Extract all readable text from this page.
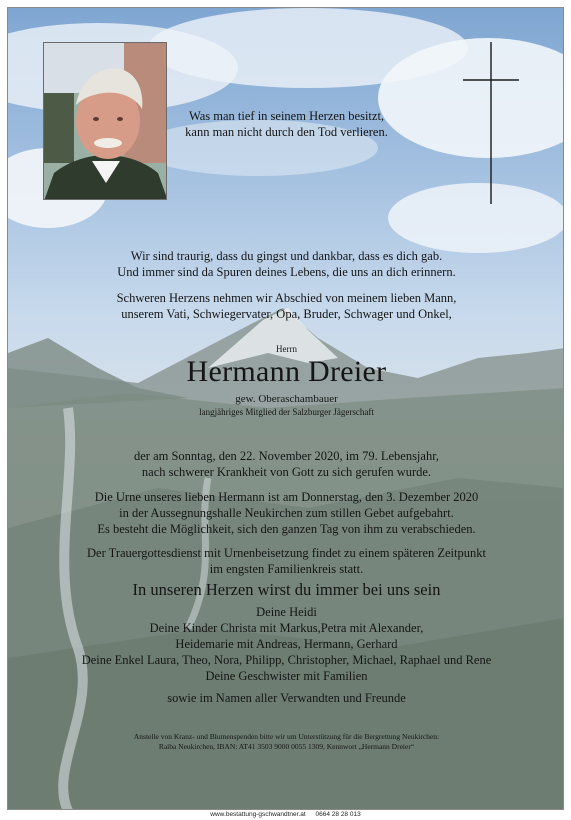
Was man tief in seinem Herzen besitzt,
kann man nicht durch den Tod verlieren.
Wir sind traurig, dass du gingst und dankbar, dass es dich gab.
Und immer sind da Spuren deines Lebens, die uns an dich erinnern.
Schweren Herzens nehmen wir Abschied von meinem lieben Mann,
unserem Vati, Schwiegervater, Opa, Bruder, Schwager und Onkel,
Herrn
Hermann Dreier
gew. Oberaschambauer
langjähriges Mitglied der Salzburger Jägerschaft
der am Sonntag, den 22. November 2020, im 79. Lebensjahr,
nach schwerer Krankheit von Gott zu sich gerufen wurde.
Die Urne unseres lieben Hermann ist am Donnerstag, den 3. Dezember 2020
in der Aussegnungshalle Neukirchen zum stillen Gebet aufgebahrt.
Es besteht die Möglichkeit, sich den ganzen Tag von ihm zu verabschieden.
Der Trauergottesdienst mit Urnenbeisetzung findet zu einem späteren Zeitpunkt
im engsten Familienkreis statt.
In unseren Herzen wirst du immer bei uns sein
Deine Heidi
Deine Kinder Christa mit Markus,Petra mit Alexander,
Heidemarie mit Andreas, Hermann, Gerhard
Deine Enkel Laura, Theo, Nora, Philipp, Christopher, Michael, Raphael und Rene
Deine Geschwister mit Familien
sowie im Namen aller Verwandten und Freunde
Anstelle von Kranz- und Blumenspenden bitte wir um Unterstützung für die Bergrettung Neukirchen:
Raiba Neukirchen, IBAN: AT41 3503 9000 0055 1309, Kennwort „Hermann Dreier“
www.bestattung-gschwandtner.at 0664 28 28 013
